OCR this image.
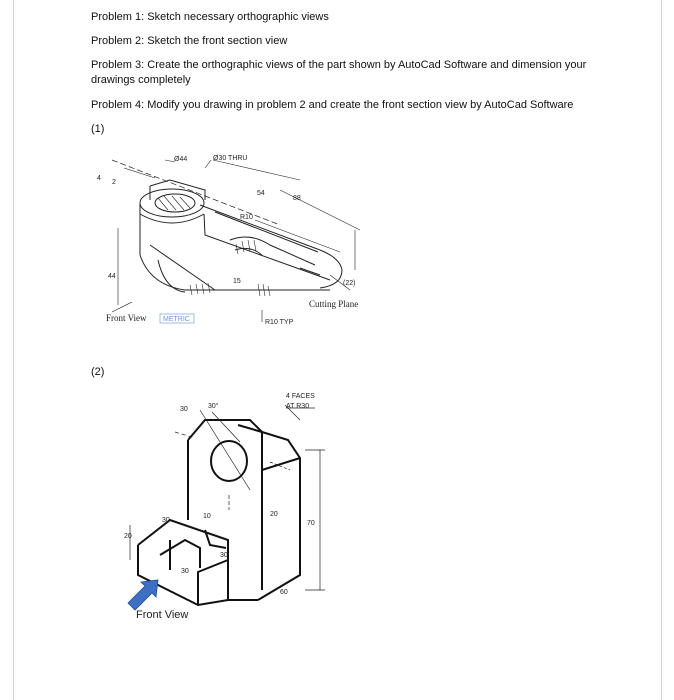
Problem 1: Sketch necessary orthographic views
Problem 2: Sketch the front section view
Problem 3: Create the orthographic views of the part shown by AutoCad Software and dimension your drawings completely
Problem 4: Modify you drawing in problem 2 and create the front section view by AutoCad Software
(1)
(2)
Ø44	Ø30 THRU
54
88
R10
15
44
4
2
(22)
R10 TYP
Front View METRIC
Cutting Plane
30	30°
4 FACES
AT R30
30
10
20
20
70
30
30
60
Front View
